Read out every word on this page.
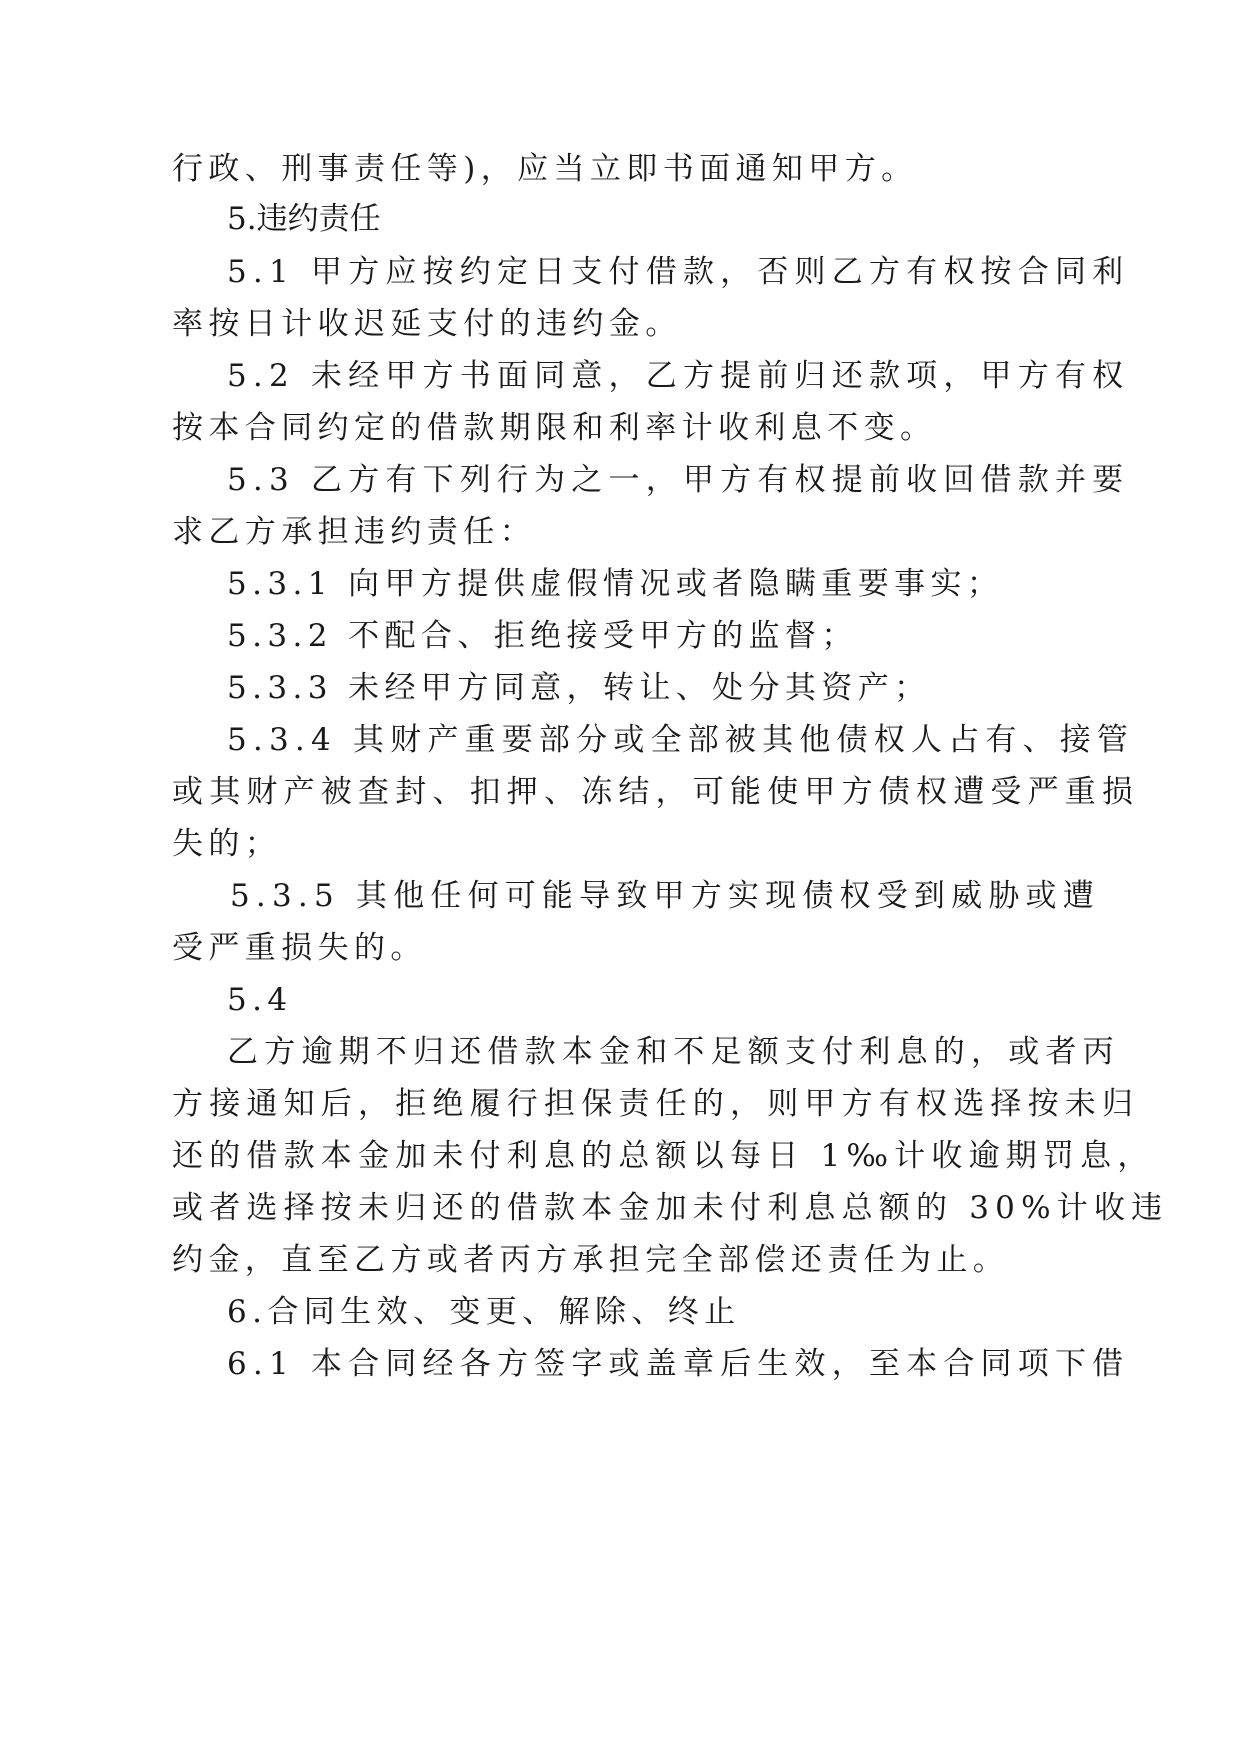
行政、刑事责任等)，应当立即书面通知甲方。
5.违约责任
5.1 甲方应按约定日支付借款，否则乙方有权按合同利
率按日计收迟延支付的违约金。
5.2 未经甲方书面同意，乙方提前归还款项，甲方有权
按本合同约定的借款期限和利率计收利息不变。
5.3 乙方有下列行为之一，甲方有权提前收回借款并要
求乙方承担违约责任：
5.3.1 向甲方提供虚假情况或者隐瞒重要事实；
5.3.2 不配合、拒绝接受甲方的监督；
5.3.3 未经甲方同意，转让、处分其资产；
5.3.4 其财产重要部分或全部被其他债权人占有、接管
或其财产被查封、扣押、冻结，可能使甲方债权遭受严重损
失的；
5.3.5 其他任何可能导致甲方实现债权受到威胁或遭
受严重损失的。
5.4
乙方逾期不归还借款本金和不足额支付利息的，或者丙
方接通知后，拒绝履行担保责任的，则甲方有权选择按未归
还的借款本金加未付利息的总额以每日 1‰计收逾期罚息，
或者选择按未归还的借款本金加未付利息总额的 30%计收违
约金，直至乙方或者丙方承担完全部偿还责任为止。
6.合同生效、变更、解除、终止
6.1 本合同经各方签字或盖章后生效，至本合同项下借
